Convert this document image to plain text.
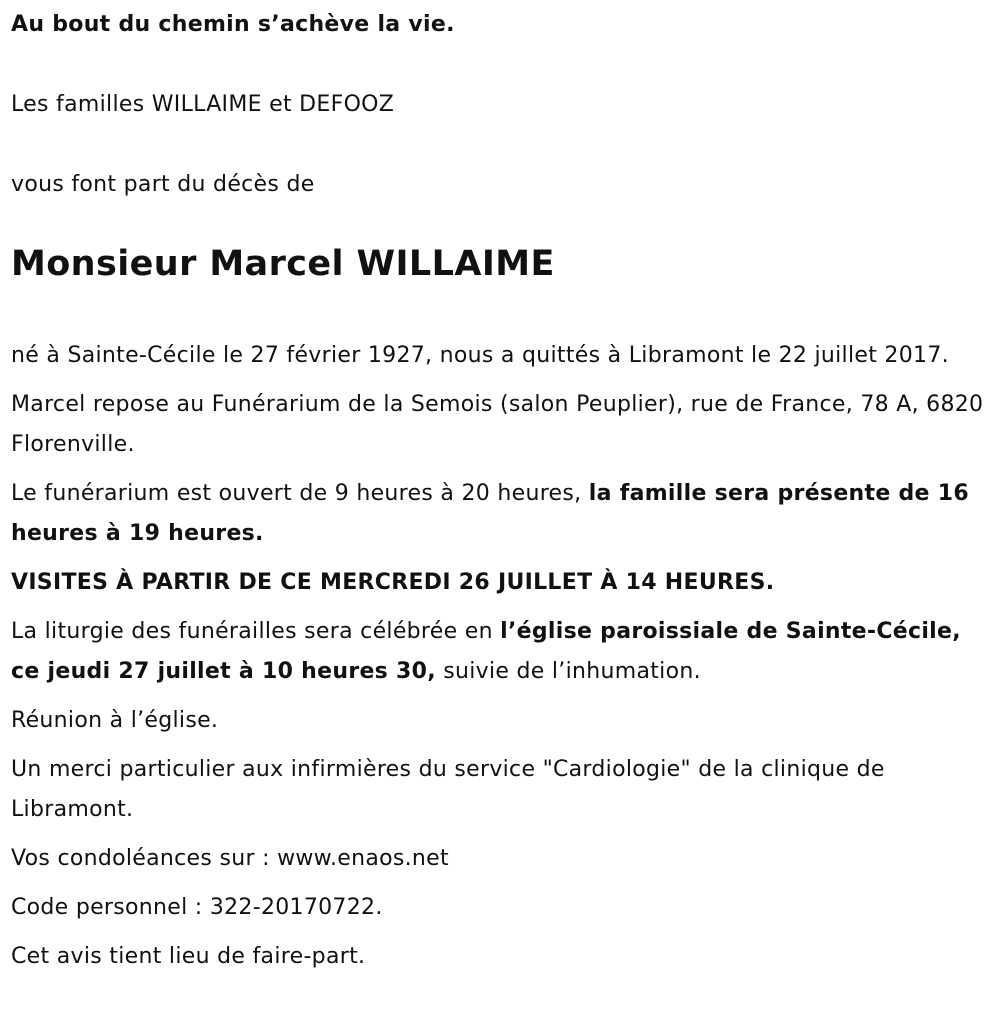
Au bout du chemin s’achève la vie.

Les familles WILLAIME et DEFOOZ

vous font part du décès de

Monsieur Marcel WILLAIME

né à Sainte-Cécile le 27 février 1927, nous a quittés à Libramont le 22 juillet 2017.

Marcel repose au Funérarium de la Semois (salon Peuplier), rue de France, 78 A, 6820 Florenville.

Le funérarium est ouvert de 9 heures à 20 heures, la famille sera présente de 16 heures à 19 heures.

VISITES À PARTIR DE CE MERCREDI 26 JUILLET À 14 HEURES.

La liturgie des funérailles sera célébrée en l’église paroissiale de Sainte-Cécile, ce jeudi 27 juillet à 10 heures 30, suivie de l’inhumation.

Réunion à l’église.

Un merci particulier aux infirmières du service "Cardiologie" de la clinique de Libramont.

Vos condoléances sur : www.enaos.net

Code personnel : 322-20170722.

Cet avis tient lieu de faire-part.
